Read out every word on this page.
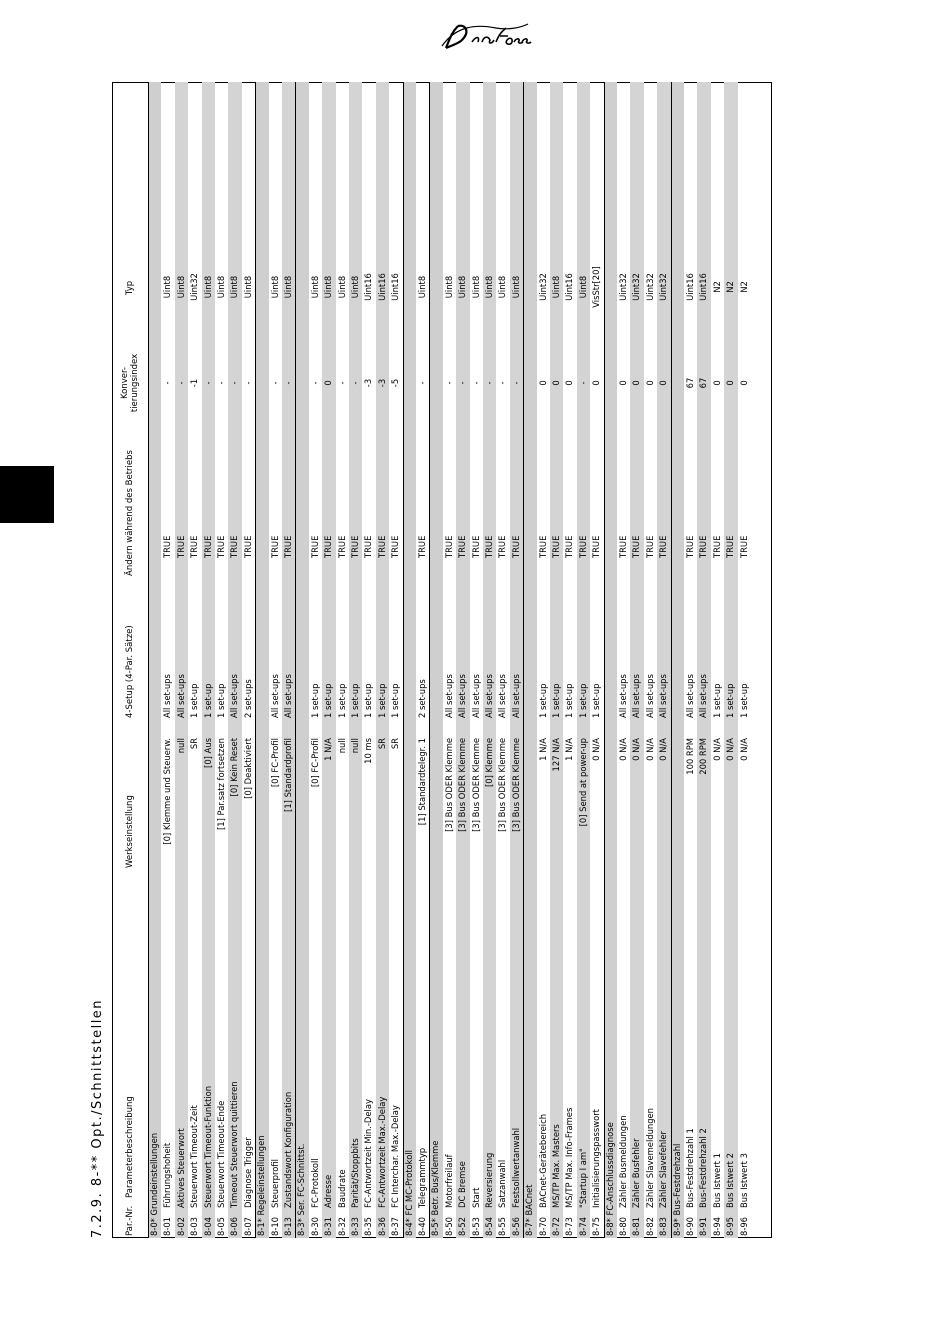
7.2.9. 8-** Opt./Schnittstellen	Par.-Nr.
Parameterbeschreibung
Werkseinstellung
4-Setup (4-Par. Sätze)
Ändern während des Betriebs
Konver-tierungsindex
Typ
8-0* Grundeinstellungen 8-01
Führungshoheit
[0] Klemme und Steuerw.
All set-ups
TRUE
-
Uint8
8-02
Aktives Steuerwort
null
All set-ups
TRUE
-
Uint8
8-03
Steuerwort Timeout-Zeit
SR
1 set-up
TRUE
-1
Uint32
8-04
Steuerwort Timeout-Funktion
[0] Aus
1 set-up
TRUE
-
Uint8
8-05
Steuerwort Timeout-Ende
[1] Par.satz fortsetzen
1 set-up
TRUE
-
Uint8
8-06
Timeout Steuerwort quittieren
[0] Kein Reset
All set-ups
TRUE
-
Uint8
8-07
Diagnose Trigger
[0] Deaktiviert
2 set-ups
TRUE
-
Uint8
8-1* Regeleinstellungen 8-10
Steuerprofil
[0] FC-Profil
All set-ups
TRUE
-
Uint8
8-13
Zustandswort Konfiguration
[1] Standardprofil
All set-ups
TRUE
-
Uint8
8-3* Ser. FC-Schnittst. 8-30
FC-Protokoll
[0] FC-Profil
1 set-up
TRUE
-
Uint8
8-31
Adresse
1 N/A
1 set-up
TRUE
0
Uint8
8-32
Baudrate
null
1 set-up
TRUE
-
Uint8
8-33
Parität/Stoppbits
null
1 set-up
TRUE
-
Uint8
8-35
FC-Antwortzeit Min.-Delay
10 ms
1 set-up
TRUE
-3
Uint16
8-36
FC-Antwortzeit Max.-Delay
SR
1 set-up
TRUE
-3
Uint16
8-37
FC Interchar. Max.-Delay
SR
1 set-up
TRUE
-5
Uint16
8-4* FC MC-Protokoll 8-40
Telegrammtyp
[1] Standardtelegr. 1
2 set-ups
TRUE
-
Uint8
8-5* Betr. Bus/Klemme 8-50
Motorfreilauf
[3] Bus ODER Klemme
All set-ups
TRUE
-
Uint8
8-52
DC Bremse
[3] Bus ODER Klemme
All set-ups
TRUE
-
Uint8
8-53
Start
[3] Bus ODER Klemme
All set-ups
TRUE
-
Uint8
8-54
Reversierung
[0] Klemme
All set-ups
TRUE
-
Uint8
8-55
Satzanwahl
[3] Bus ODER Klemme
All set-ups
TRUE
-
Uint8
8-56
Festsollwertanwahl
[3] Bus ODER Klemme
All set-ups
TRUE
-
Uint8
8-7* BACnet 8-70
BACnet-Gerätebereich
1 N/A
1 set-up
TRUE
0
Uint32
8-72
MS/TP Max. Masters
127 N/A
1 set-up
TRUE
0
Uint8
8-73
MS/TP Max. Info-Frames
1 N/A
1 set-up
TRUE
0
Uint16
8-74
"Startup I am"
[0] Send at power-up
1 set-up
TRUE
-
Uint8
8-75
Initialisierungspasswort
0 N/A
1 set-up
TRUE
0
VisStr[20]
8-8* FC-Anschlussdiagnose 8-80
Zähler Busmeldungen
0 N/A
All set-ups
TRUE
0
Uint32
8-81
Zähler Busfehler
0 N/A
All set-ups
TRUE
0
Uint32
8-82
Zähler Slavemeldungen
0 N/A
All set-ups
TRUE
0
Uint32
8-83
Zähler Slavefehler
0 N/A
All set-ups
TRUE
0
Uint32
8-9* Bus-Festdrehzahl 8-90
Bus-Festdrehzahl 1
100 RPM
All set-ups
TRUE
67
Uint16
8-91
Bus-Festdrehzahl 2
200 RPM
All set-ups
TRUE
67
Uint16
8-94
Bus Istwert 1
0 N/A
1 set-up
TRUE
0
N2
8-95
Bus Istwert 2
0 N/A
1 set-up
TRUE
0
N2
8-96
Bus Istwert 3
0 N/A
1 set-up
TRUE
0
N2
